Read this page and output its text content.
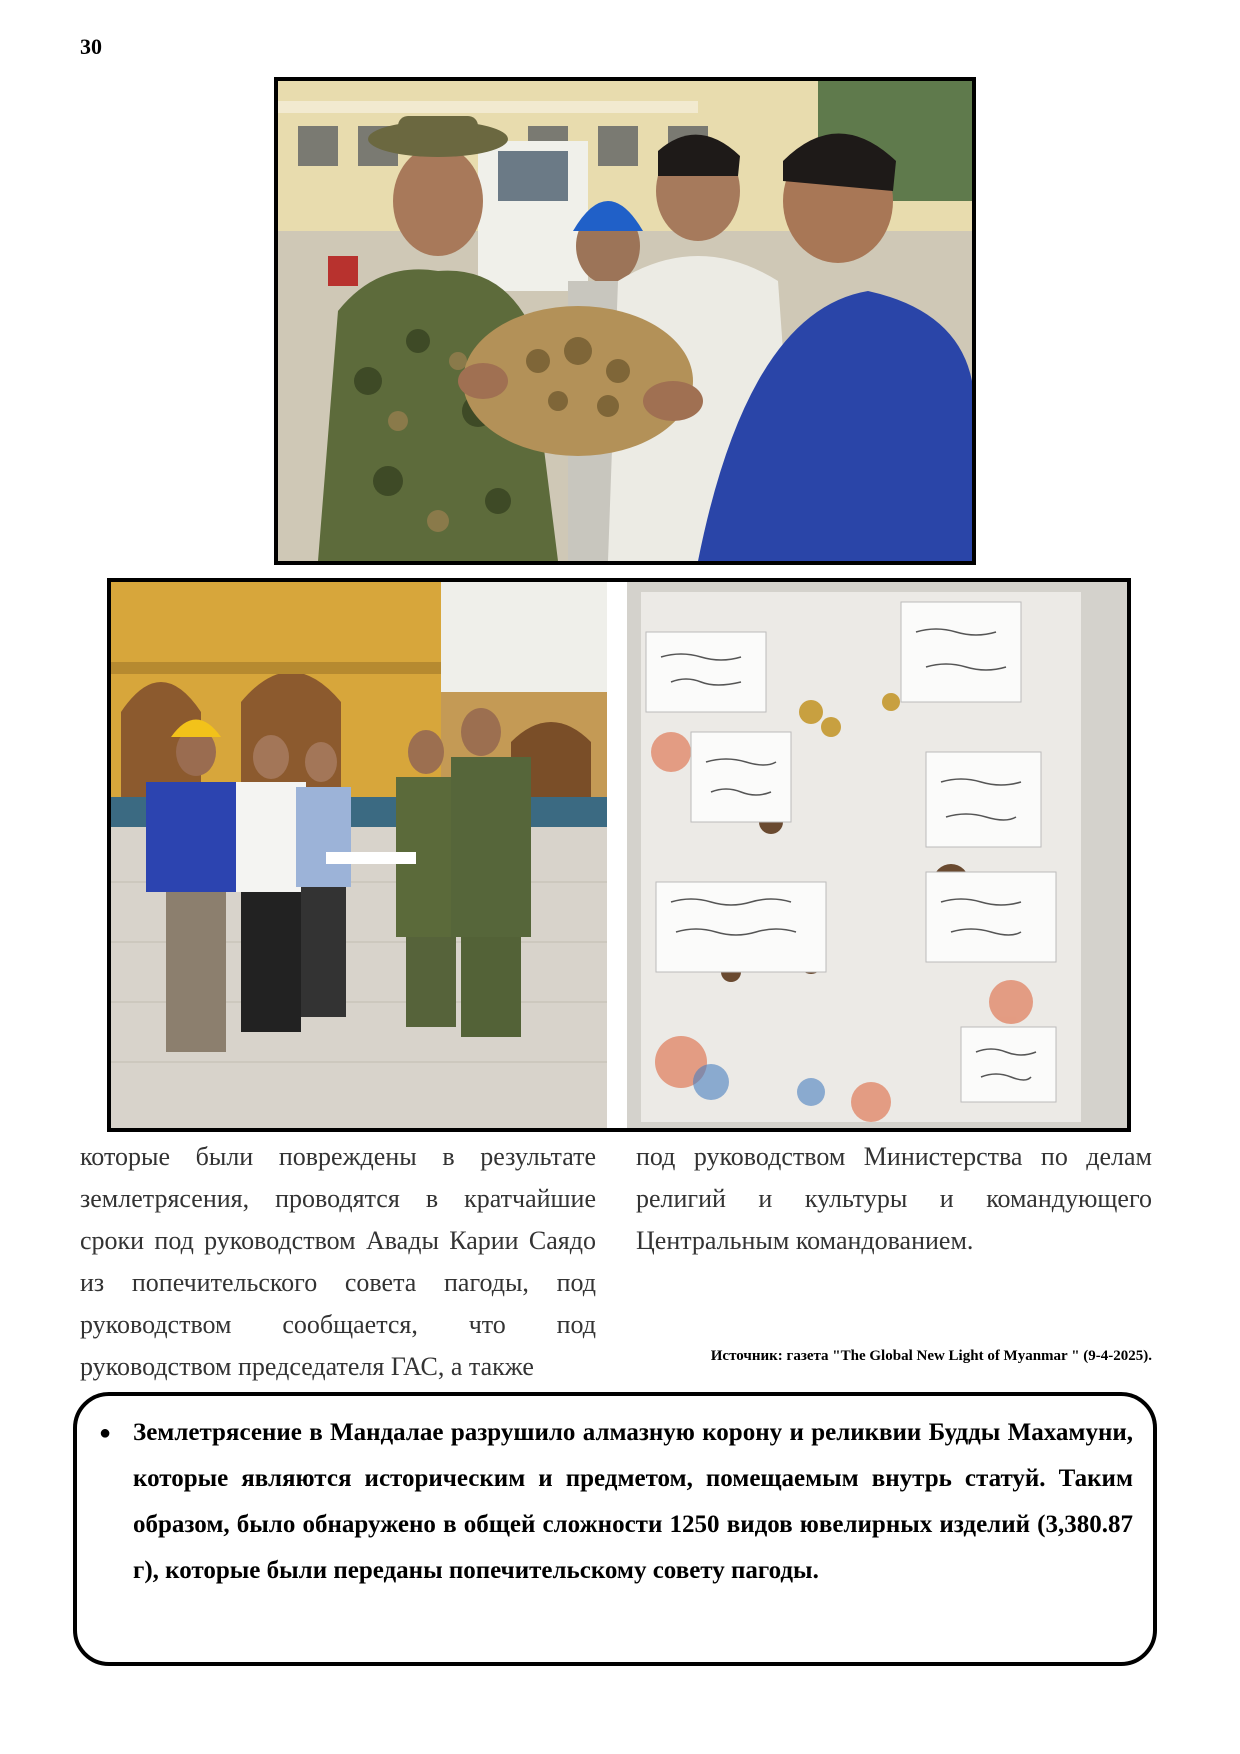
30

которые были повреждены в результате землетрясения, проводятся в кратчайшие сроки под руководством Авады Карии Саядо из попечительского совета пагоды, под руководством сообщается, что под руководством председателя ГАС, а также

под руководством Министерства по делам религий и культуры и командующего Центральным командованием.

Источник: газета "The Global New Light of Myanmar " (9-4-2025).
● Землетрясение в Мандалае разрушило алмазную корону и реликвии Будды Махамуни, которые являются историческим и предметом, помещаемым внутрь статуй. Таким образом, было обнаружено в общей сложности 1250 видов ювелирных изделий (3,380.87 г), которые были переданы попечительскому совету пагоды.
